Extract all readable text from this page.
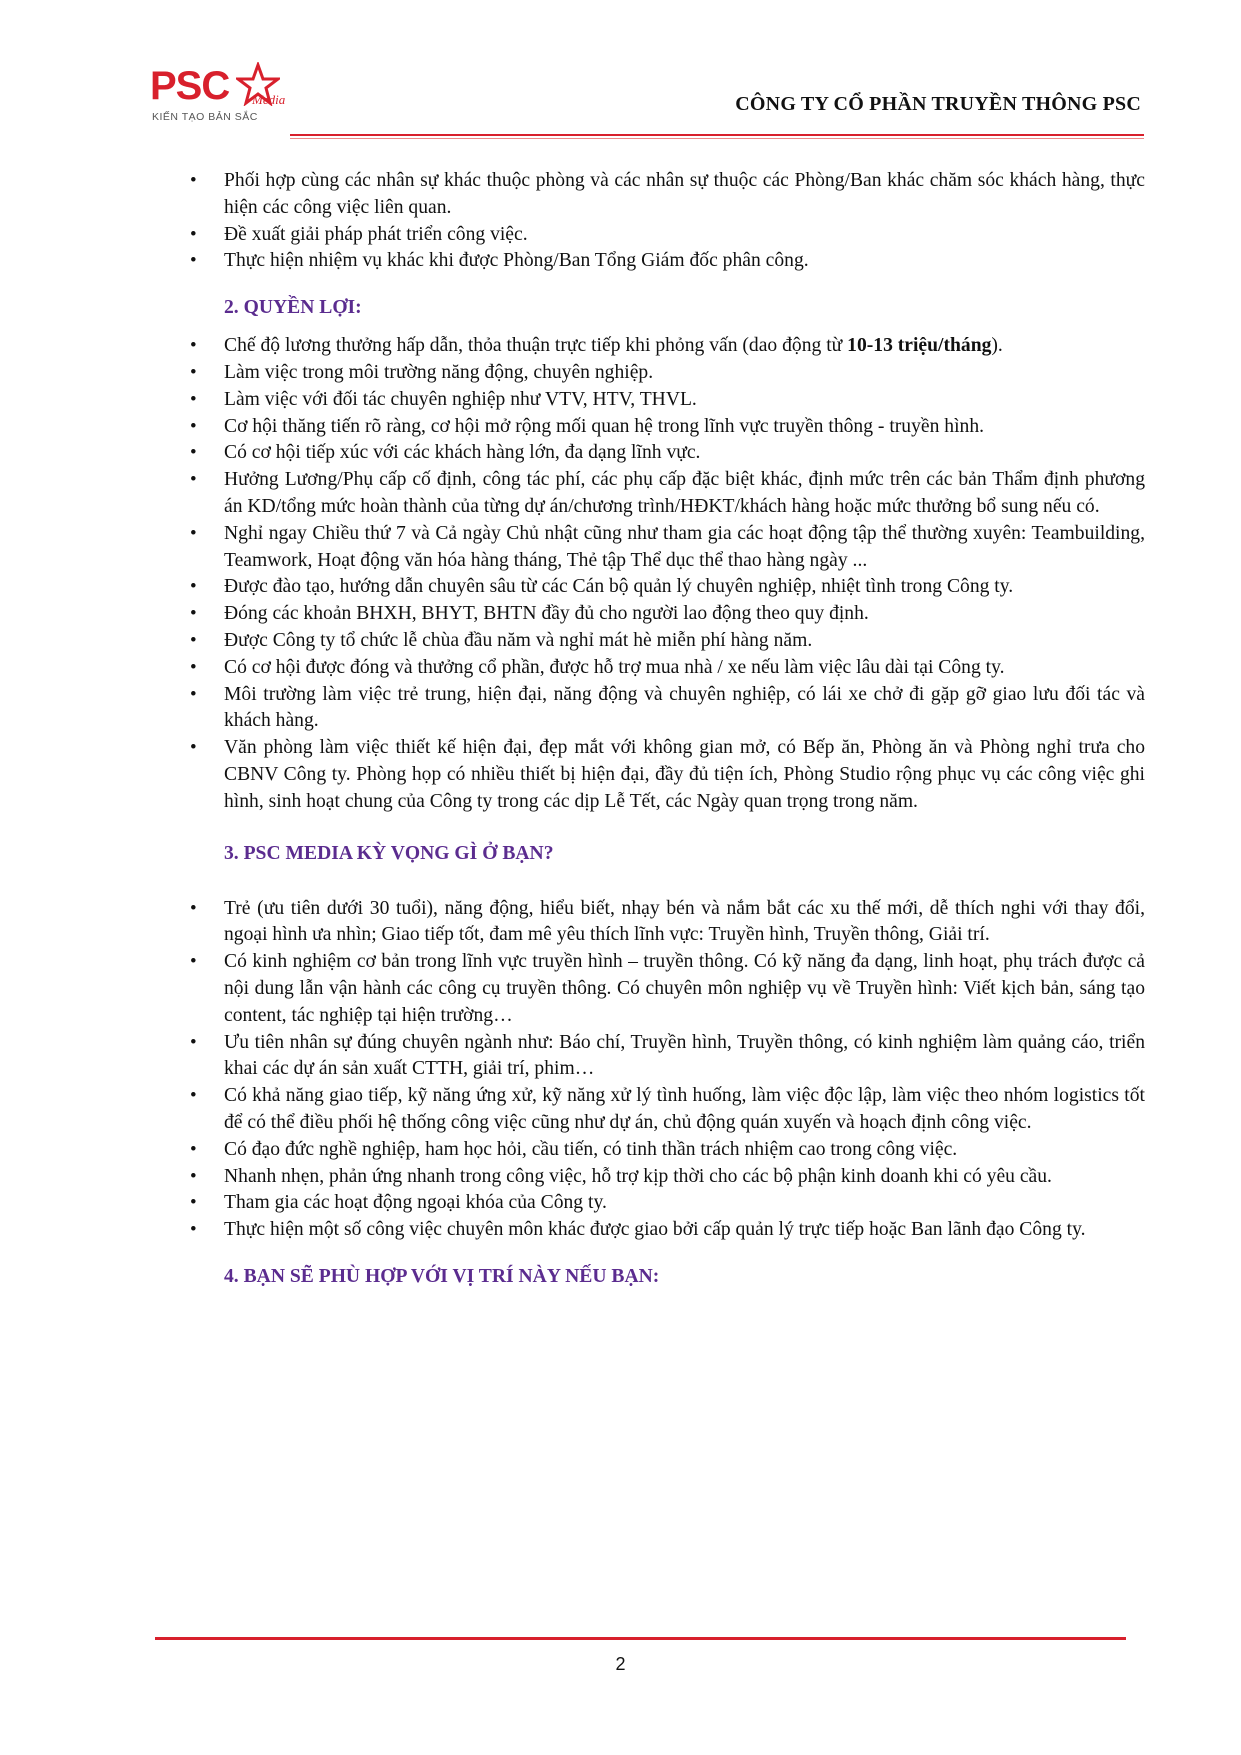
PSC Media
KIẾN TẠO BẢN SẮC
CÔNG TY CỔ PHẦN TRUYỀN THÔNG PSC
• Phối hợp cùng các nhân sự khác thuộc phòng và các nhân sự thuộc các Phòng/Ban khác chăm sóc khách hàng, thực hiện các công việc liên quan.
• Đề xuất giải pháp phát triển công việc.
• Thực hiện nhiệm vụ khác khi được Phòng/Ban Tổng Giám đốc phân công.
2. QUYỀN LỢI:
• Chế độ lương thưởng hấp dẫn, thỏa thuận trực tiếp khi phỏng vấn (dao động từ 10-13 triệu/tháng).
• Làm việc trong môi trường năng động, chuyên nghiệp.
• Làm việc với đối tác chuyên nghiệp như VTV, HTV, THVL.
• Cơ hội thăng tiến rõ ràng, cơ hội mở rộng mối quan hệ trong lĩnh vực truyền thông - truyền hình.
• Có cơ hội tiếp xúc với các khách hàng lớn, đa dạng lĩnh vực.
• Hưởng Lương/Phụ cấp cố định, công tác phí, các phụ cấp đặc biệt khác, định mức trên các bản Thẩm định phương án KD/tổng mức hoàn thành của từng dự án/chương trình/HĐKT/khách hàng hoặc mức thưởng bổ sung nếu có.
• Nghỉ ngay Chiều thứ 7 và Cả ngày Chủ nhật cũng như tham gia các hoạt động tập thể thường xuyên: Teambuilding, Teamwork, Hoạt động văn hóa hàng tháng, Thẻ tập Thể dục thể thao hàng ngày ...
• Được đào tạo, hướng dẫn chuyên sâu từ các Cán bộ quản lý chuyên nghiệp, nhiệt tình trong Công ty.
• Đóng các khoản BHXH, BHYT, BHTN đầy đủ cho người lao động theo quy định.
• Được Công ty tổ chức lễ chùa đầu năm và nghỉ mát hè miễn phí hàng năm.
• Có cơ hội được đóng và thưởng cổ phần, được hỗ trợ mua nhà / xe nếu làm việc lâu dài tại Công ty.
• Môi trường làm việc trẻ trung, hiện đại, năng động và chuyên nghiệp, có lái xe chở đi gặp gỡ giao lưu đối tác và khách hàng.
• Văn phòng làm việc thiết kế hiện đại, đẹp mắt với không gian mở, có Bếp ăn, Phòng ăn và Phòng nghỉ trưa cho CBNV Công ty. Phòng họp có nhiều thiết bị hiện đại, đầy đủ tiện ích, Phòng Studio rộng phục vụ các công việc ghi hình, sinh hoạt chung của Công ty trong các dịp Lễ Tết, các Ngày quan trọng trong năm.
3. PSC MEDIA KỲ VỌNG GÌ Ở BẠN?
• Trẻ (ưu tiên dưới 30 tuổi), năng động, hiểu biết, nhạy bén và nắm bắt các xu thế mới, dễ thích nghi với thay đổi, ngoại hình ưa nhìn; Giao tiếp tốt, đam mê yêu thích lĩnh vực: Truyền hình, Truyền thông, Giải trí.
• Có kinh nghiệm cơ bản trong lĩnh vực truyền hình – truyền thông. Có kỹ năng đa dạng, linh hoạt, phụ trách được cả nội dung lẫn vận hành các công cụ truyền thông. Có chuyên môn nghiệp vụ về Truyền hình: Viết kịch bản, sáng tạo content, tác nghiệp tại hiện trường…
• Ưu tiên nhân sự đúng chuyên ngành như: Báo chí, Truyền hình, Truyền thông, có kinh nghiệm làm quảng cáo, triển khai các dự án sản xuất CTTH, giải trí, phim…
• Có khả năng giao tiếp, kỹ năng ứng xử, kỹ năng xử lý tình huống, làm việc độc lập, làm việc theo nhóm logistics tốt để có thể điều phối hệ thống công việc cũng như dự án, chủ động quán xuyến và hoạch định công việc.
• Có đạo đức nghề nghiệp, ham học hỏi, cầu tiến, có tinh thần trách nhiệm cao trong công việc.
• Nhanh nhẹn, phản ứng nhanh trong công việc, hỗ trợ kịp thời cho các bộ phận kinh doanh khi có yêu cầu.
• Tham gia các hoạt động ngoại khóa của Công ty.
• Thực hiện một số công việc chuyên môn khác được giao bởi cấp quản lý trực tiếp hoặc Ban lãnh đạo Công ty.
4. BẠN SẼ PHÙ HỢP VỚI VỊ TRÍ NÀY NẾU BẠN:
2
